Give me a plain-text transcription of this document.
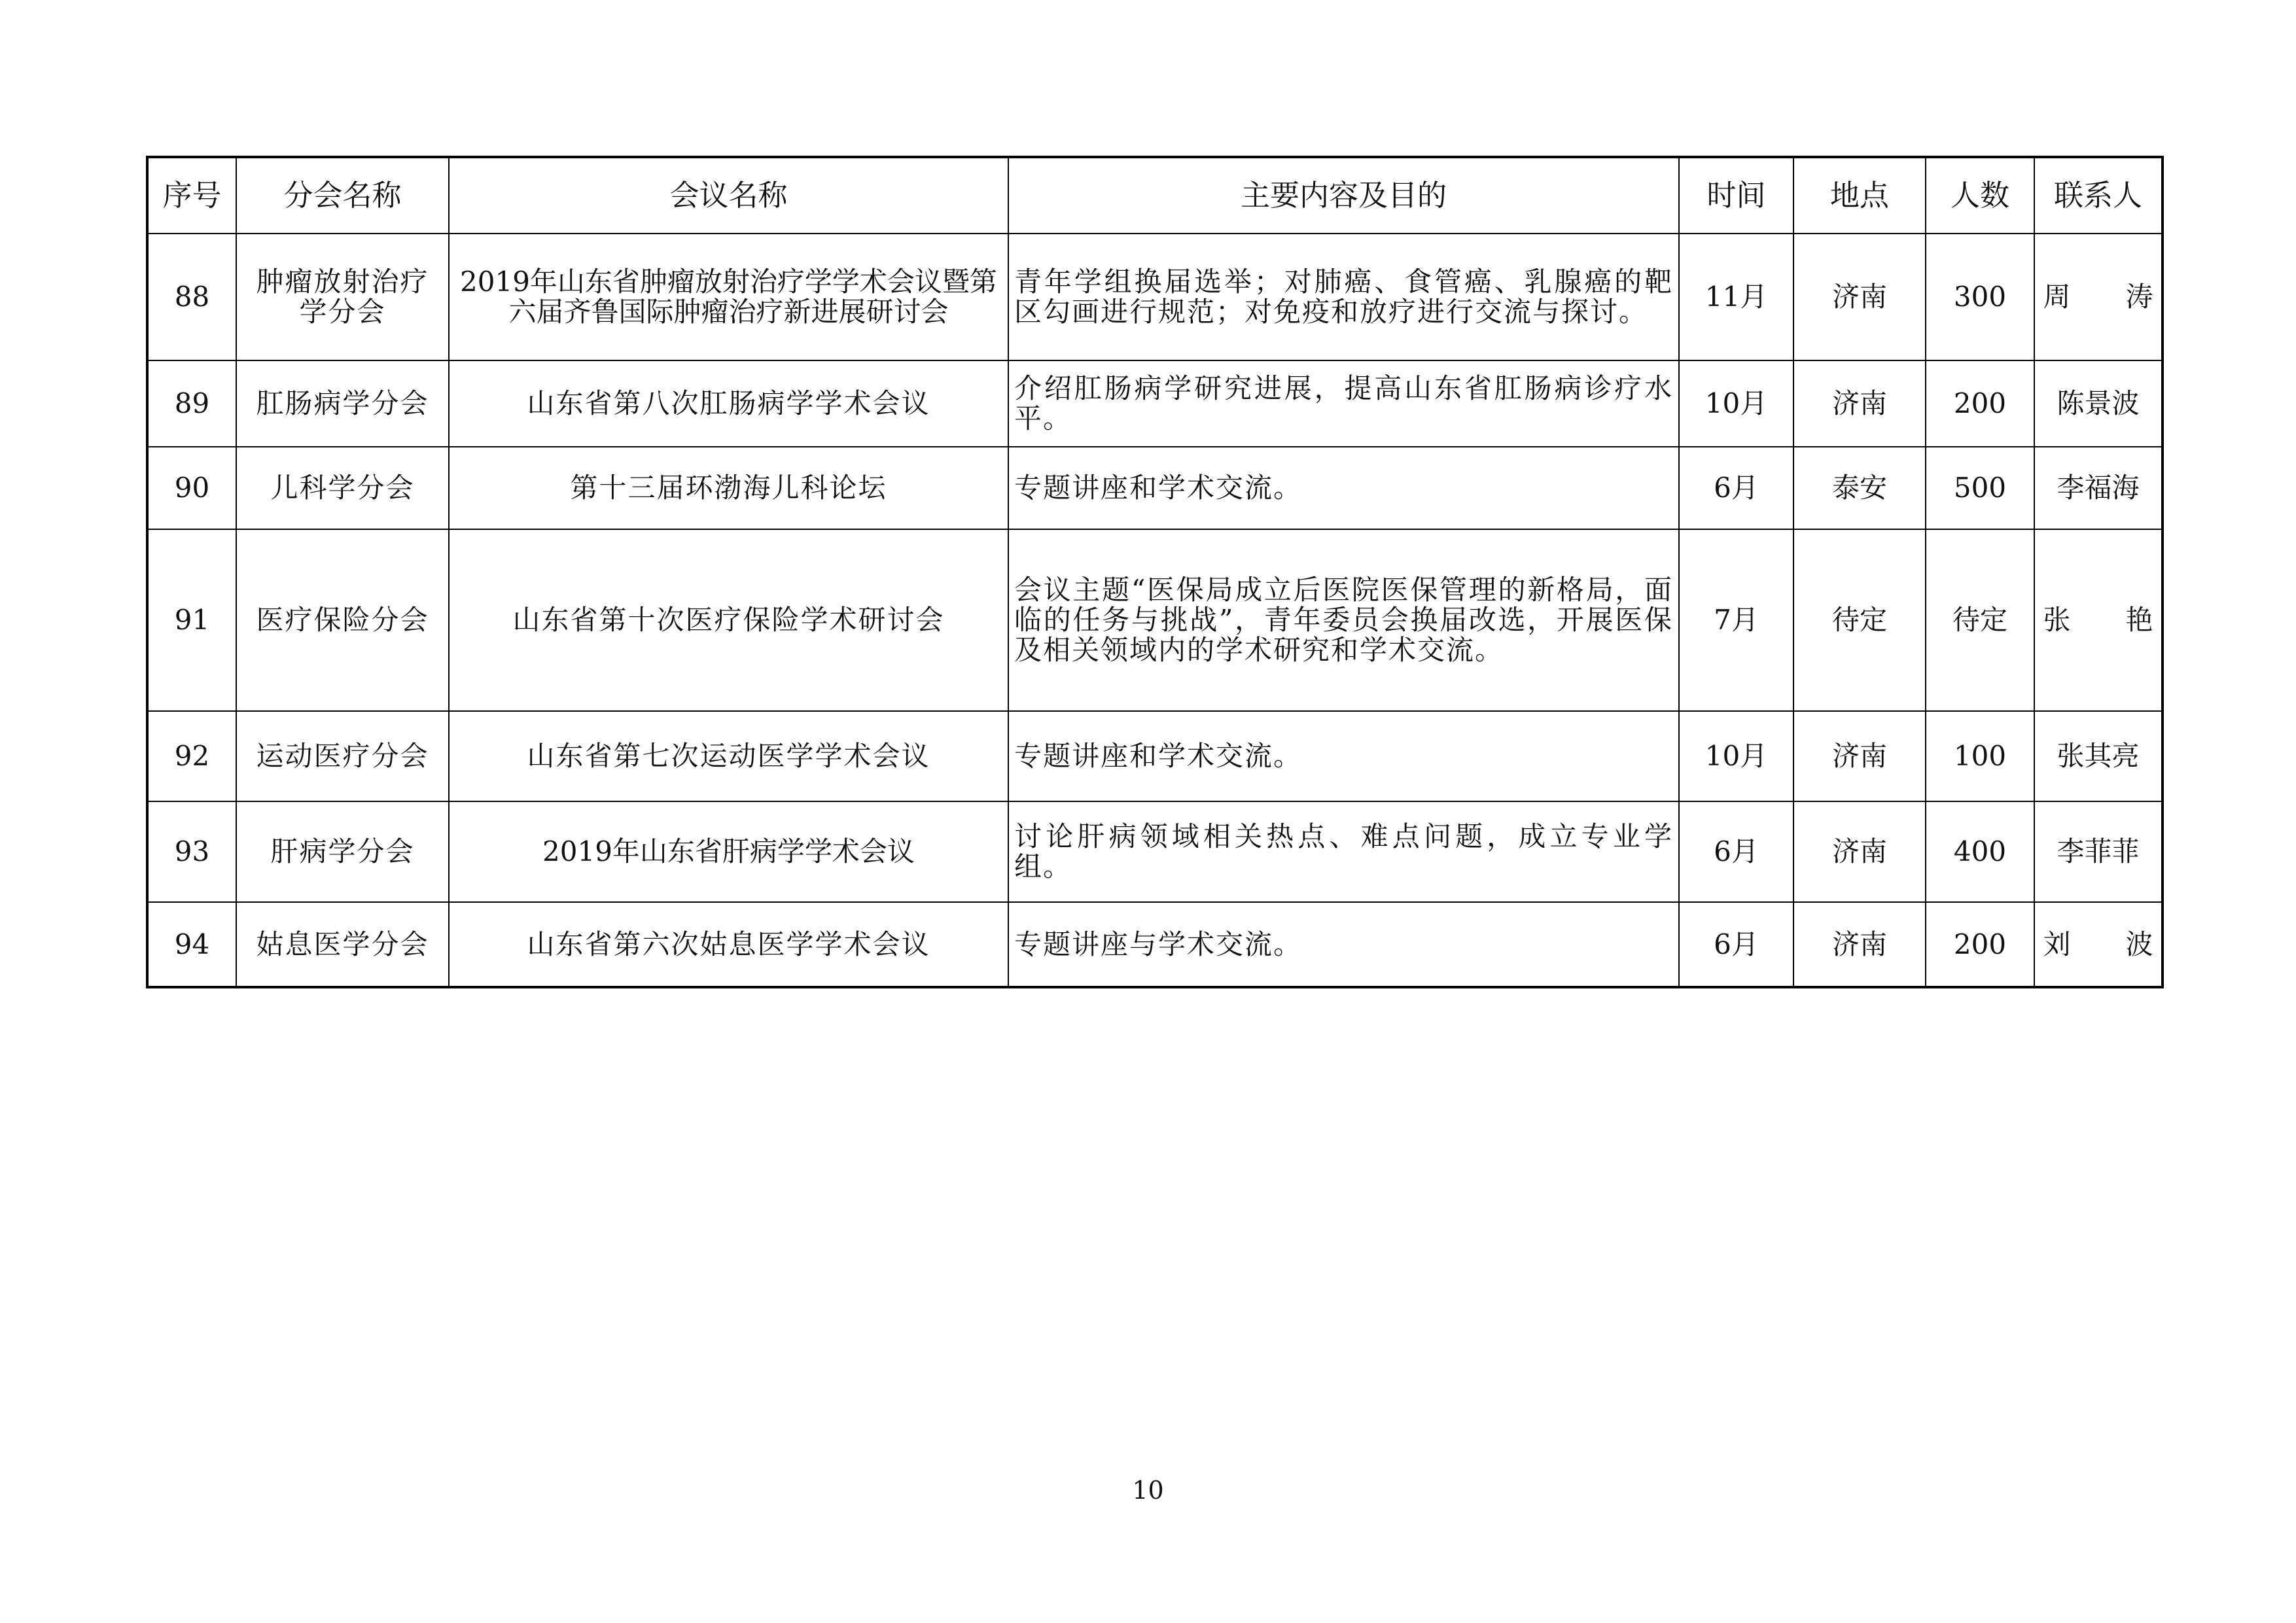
序号	分会名称	会议名称	主要内容及目的	时间	地点	人数	联系人
88	肿瘤放射治疗学分会	2019年山东省肿瘤放射治疗学学术会议暨第六届齐鲁国际肿瘤治疗新进展研讨会	青年学组换届选举；对肺癌、食管癌、乳腺癌的靶区勾画进行规范；对免疫和放疗进行交流与探讨。	11月	济南	300	周　　涛
89	肛肠病学分会	山东省第八次肛肠病学学术会议	介绍肛肠病学研究进展，提高山东省肛肠病诊疗水平。	10月	济南	200	陈景波
90	儿科学分会	第十三届环渤海儿科论坛	专题讲座和学术交流。	6月	泰安	500	李福海
91	医疗保险分会	山东省第十次医疗保险学术研讨会	会议主题“医保局成立后医院医保管理的新格局，面临的任务与挑战”，青年委员会换届改选，开展医保及相关领域内的学术研究和学术交流。	7月	待定	待定	张　　艳
92	运动医疗分会	山东省第七次运动医学学术会议	专题讲座和学术交流。	10月	济南	100	张其亮
93	肝病学分会	2019年山东省肝病学学术会议	讨论肝病领域相关热点、难点问题，成立专业学组。	6月	济南	400	李菲菲
94	姑息医学分会	山东省第六次姑息医学学术会议	专题讲座与学术交流。	6月	济南	200	刘　　波
10
